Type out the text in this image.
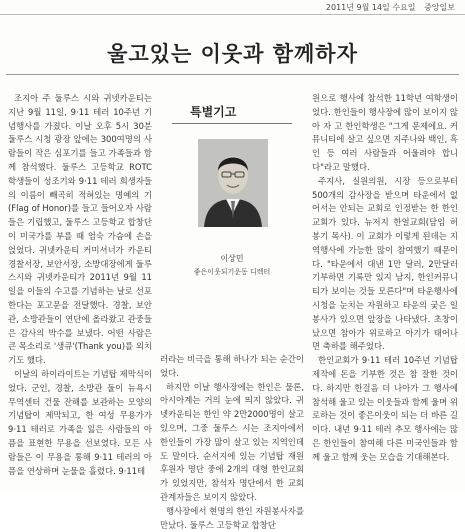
2011년 9월 14일 수요일 중앙일보
울고있는 이웃과 함께하자

조지아 주 둘루스 시와 귀넷카운티는 지난 9월 11일, 9·11 테러 10주년 기념행사를 가졌다. 이날 오후 5시 30분 둘루스 시청 광장 앞에는 300여명의 사람들이 작은 심포기를 들고 가족들과 함께 참석했다. 둘루스 고등학교 ROTC 학생들이 성조기와 9·11 테러 희생자들의 이름이 빼곡히 적혀있는 명예의 기(Flag of Honor)를 들고 들어오자 사람들은 기립했고, 둘루스 고등학교 합창단이 미국가를 부를 때 엄숙 가슴에 손을 얹었다. 귀넷카운티 커미셔너가 카운티 경찰서장, 보안서장, 소방대장에게 둘루스시와 귀넷카운티가 2011년 9월 11일을 이들의 수고를 기념하는 날로 선포한다는 포고문을 전달했다. 경찰, 보안관, 소방관들이 연단에 올라왔고 관중들은 감사의 박수를 보냈다. 어떤 사람은 큰 목소리로 '생큐'(Thank you)를 외치기도 했다.

이날의 하이라이트는 기념탑 제막식이었다. 군인, 경찰, 소방관 둘이 뉴욕시 무역센터 건물 잔해를 보관하는 모양의 기념탑이 제막되고, 한 여성 무용가가 9·11 테러로 가족을 잃은 사람들의 아픔을 표현한 무용을 선보였다. 모든 사람들은 이 무용을 통해 9·11 테러의 아픔을 연상하며 눈물을 흘렸다. 9·11테

특별기고
이상민
좋은이웃되기운동 디렉터

러라는 비극을 통해 하나가 되는 순간이었다.

하지만 이날 행사장에는 한인은 물론, 아시아계는 거의 눈에 띄지 않았다. 귀넷카운티는 한인 약 2만2000명이 살고 있으며, 그중 둘루스 시는 조지아에서 한인들이 가장 많이 살고 있는 지역인데도 말이다. 순서지에 있는 기념탑 재원후원자 명단 중에 2개의 대형 한인교회가 있었지만, 참석자 명단에서 한 교회 관계자들은 보이지 않았다.

행사장에서 현명의 한인 자원봉사자를 만났다. 둘루스 고등학교 합창단

원으로 행사에 참석한 11학년 여학생이었다. 한인들이 행사장에 많이 보이지 않아 자 고 한인학생은 "그게 문제에요. 커뮤니티에 살고 싶으면 지주나와 백인, 흑인 등 여러 사람들과 어울려야 합니다"라고 말했다.

주지사, 실원의원, 시장 등으로부터 500개의 감사장을 받으며 타운에서 없어서는 안되는 교회로 인정받는 한 한인교회가 있다. 뉴저지 한얼교회(담임 허봉기 목사). 이 교회가 이렇게 된데는 지역행사에 가능한 많이 참여했기 때문이다. "타운에서 대낸 1만 달러, 2만달러 기부하면 기록만 있지 남지, 한인커뮤니티가 보이는 것들 모른다"며 타운행사에 시청을 눈치는 자원하고 타운의 궂은 일 봉사가 있으면 앞장을 나타냈다. 초창이 났으면 참아가 위로하고 아기가 태어나면 축하를 해주었다.

한인교회가 9·11 테러 10주년 기념탑 제작에 돈을 기부한 것은 참 잘한 것이다. 하지만 한걸음 더 나아가 그 행사에 참석해 울고 있는 이웃들과 함께 울며 위로하는 것이 좋은이웃이 되는 더 바른 길이다. 내년 9·11 테러 추모 행사에는 많은 한인들이 참여해 다른 미국인들과 함께 울고 함께 웃는 모습을 기대해본다.
